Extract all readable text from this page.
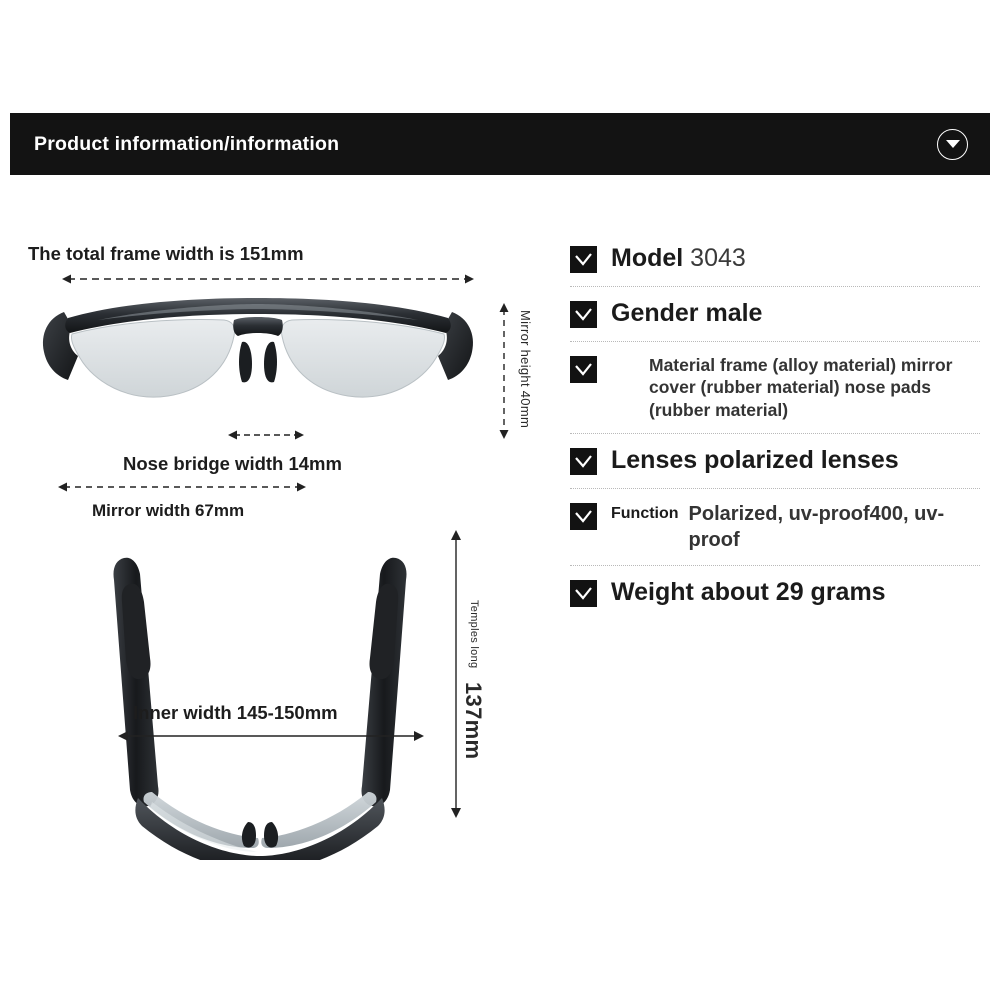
Product information/information
The total frame width is 151mm
Mirror height 40mm
Nose bridge width 14mm
Mirror width 67mm
Inner width 145-150mm
Temples long
137mm
Model 3043
Gender male
Material frame (alloy material) mirror cover (rubber material) nose pads (rubber material)
Lenses polarized lenses
Function Polarized, uv-proof400, uv-proof
Weight about 29 grams
